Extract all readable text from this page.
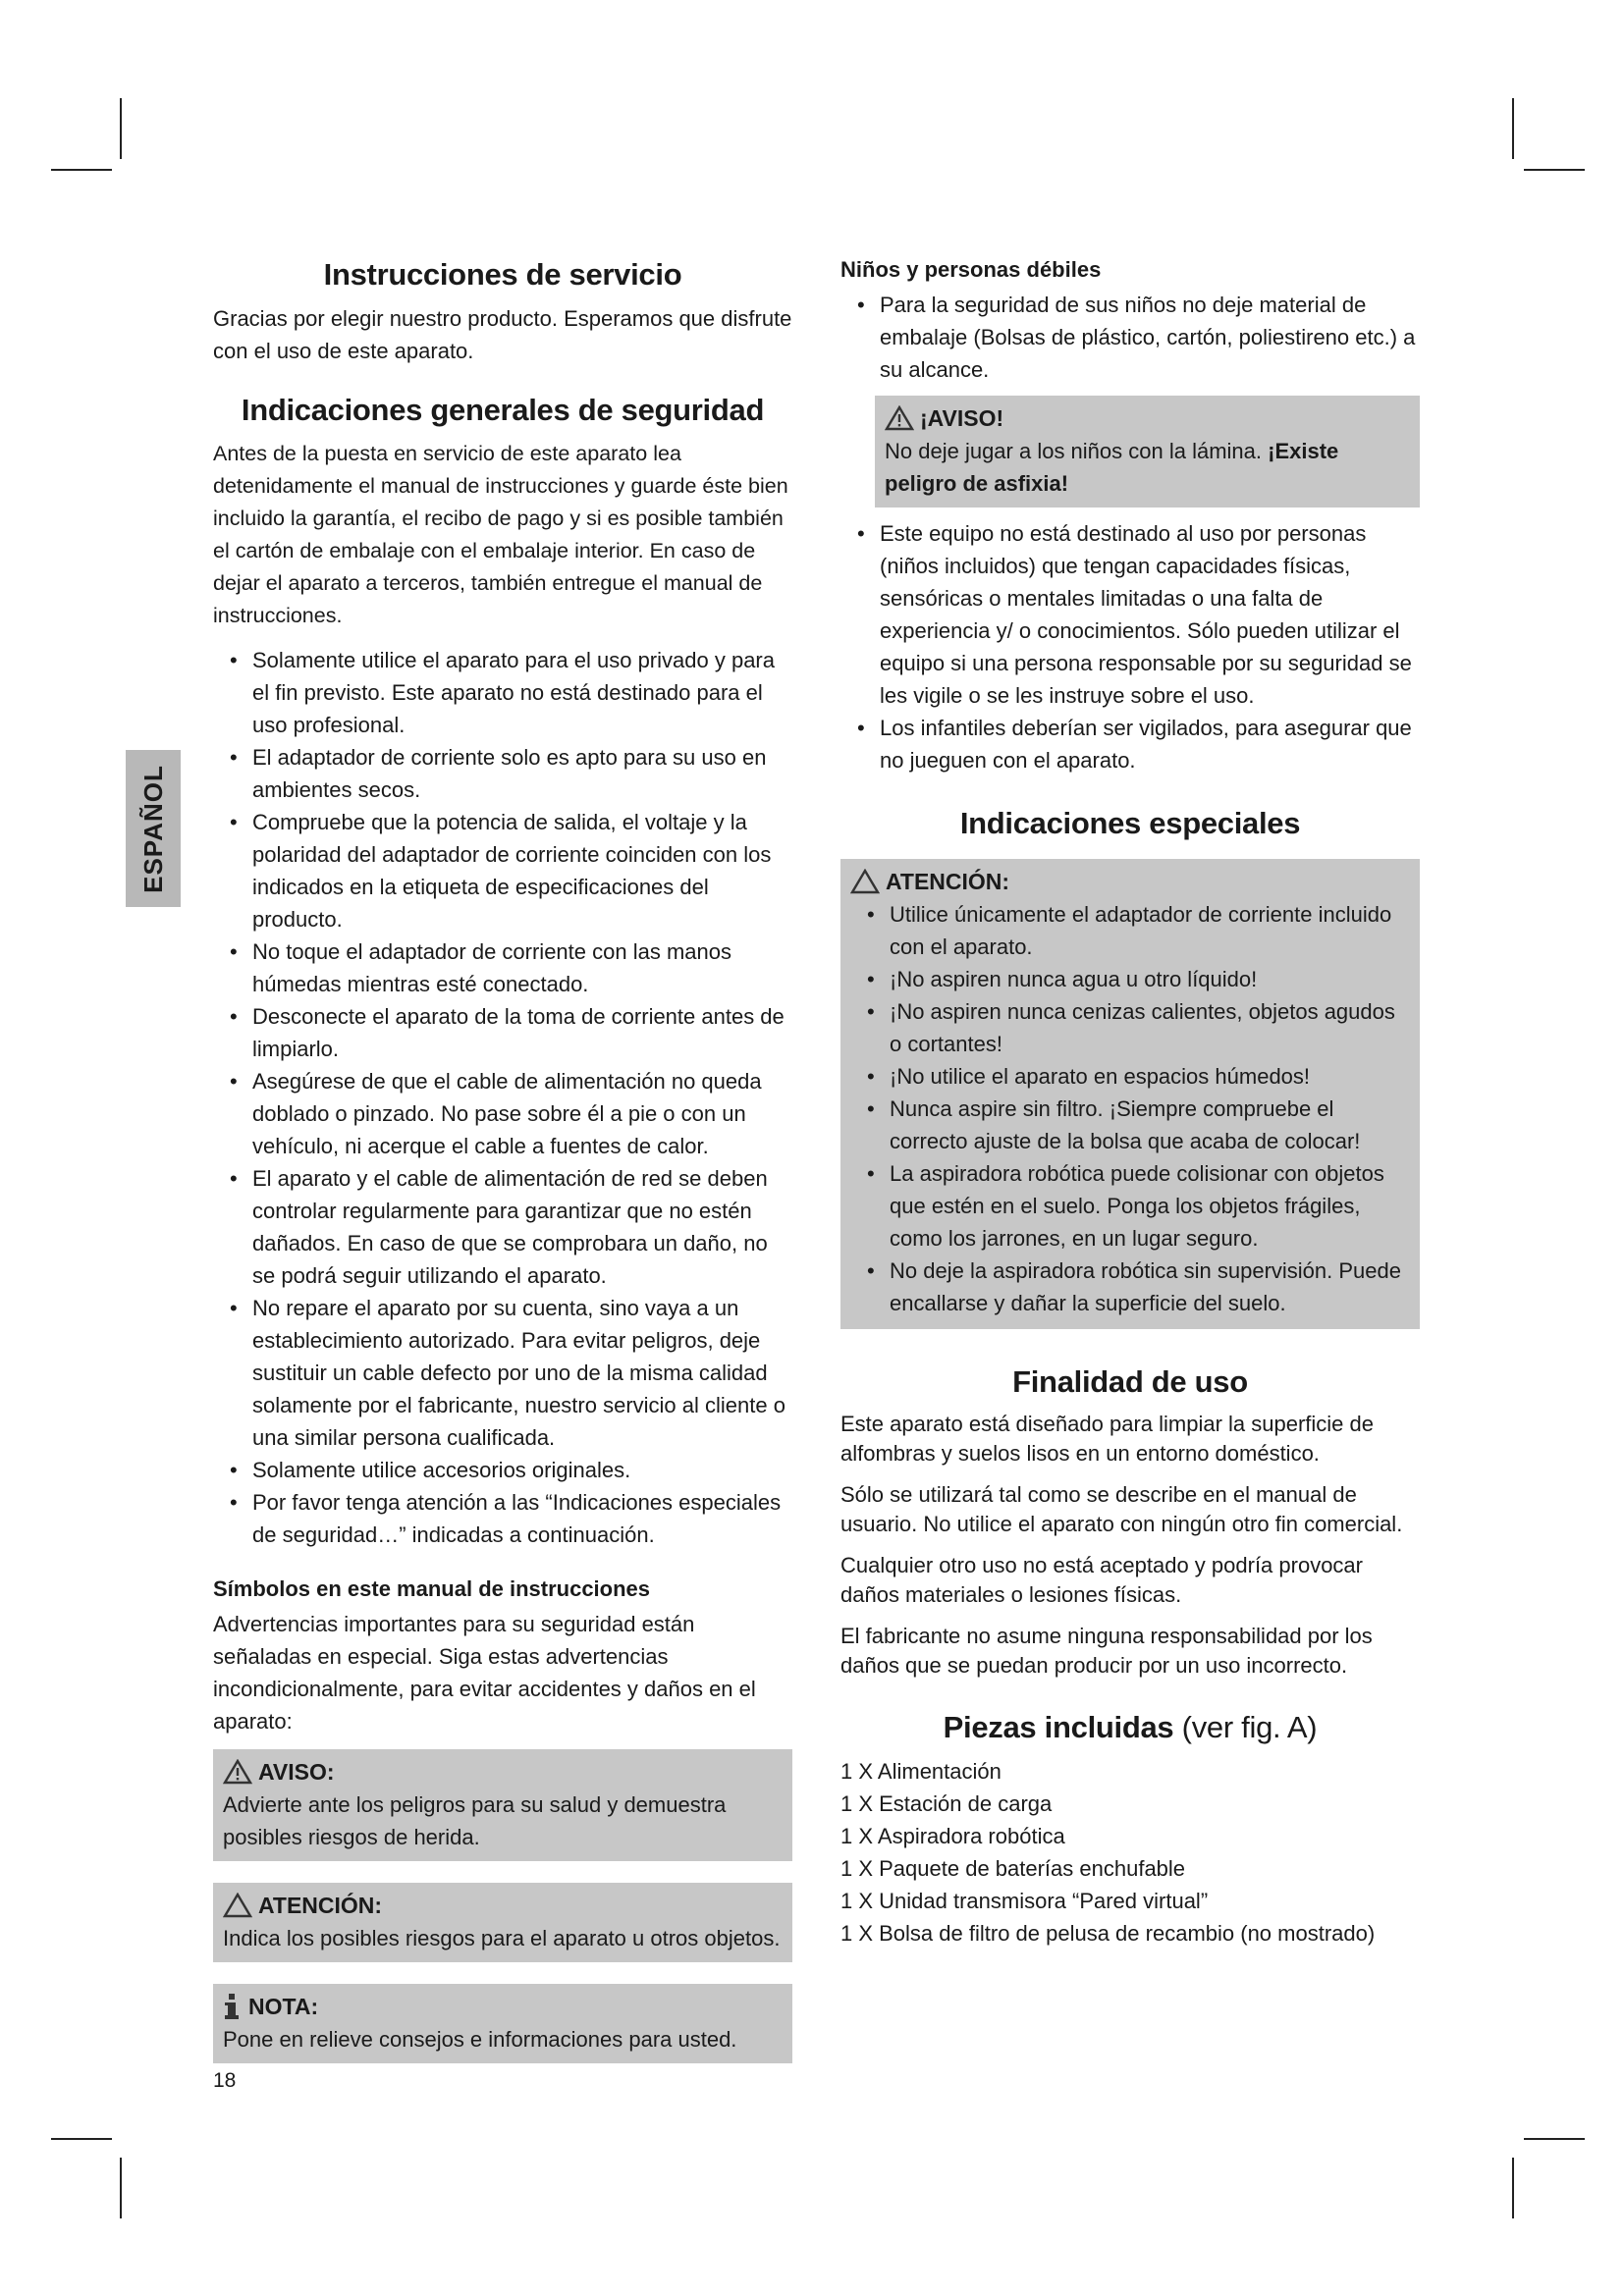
ESPAÑOL
Instrucciones de servicio

Gracias por elegir nuestro producto. Esperamos que disfrute con el uso de este aparato.

Indicaciones generales de seguridad

Antes de la puesta en servicio de este aparato lea detenidamente el manual de instrucciones y guarde éste bien incluido la garantía, el recibo de pago y si es posible también el cartón de embalaje con el embalaje interior. En caso de dejar el aparato a terceros, también entregue el manual de instrucciones.

• Solamente utilice el aparato para el uso privado y para el fin previsto. Este aparato no está destinado para el uso profesional.
• El adaptador de corriente solo es apto para su uso en ambientes secos.
• Compruebe que la potencia de salida, el voltaje y la polaridad del adaptador de corriente coinciden con los indicados en la etiqueta de especificaciones del producto.
• No toque el adaptador de corriente con las manos húmedas mientras esté conectado.
• Desconecte el aparato de la toma de corriente antes de limpiarlo.
• Asegúrese de que el cable de alimentación no queda doblado o pinzado. No pase sobre él a pie o con un vehículo, ni acerque el cable a fuentes de calor.
• El aparato y el cable de alimentación de red se deben controlar regularmente para garantizar que no estén dañados. En caso de que se comprobara un daño, no se podrá seguir utilizando el aparato.
• No repare el aparato por su cuenta, sino vaya a un establecimiento autorizado. Para evitar peligros, deje sustituir un cable defecto por uno de la misma calidad solamente por el fabricante, nuestro servicio al cliente o una similar persona cualificada.
• Solamente utilice accesorios originales.
• Por favor tenga atención a las “Indicaciones especiales de seguridad…” indicadas a continuación.
Símbolos en este manual de instrucciones

Advertencias importantes para su seguridad están señaladas en especial. Siga estas advertencias incondicionalmente, para evitar accidentes y daños en el aparato:

AVISO:
Advierte ante los peligros para su salud y demuestra posibles riesgos de herida.
ATENCIÓN:
Indica los posibles riesgos para el aparato u otros objetos.
NOTA:
Pone en relieve consejos e informaciones para usted.
Niños y personas débiles
• Para la seguridad de sus niños no deje material de embalaje (Bolsas de plástico, cartón, poliestireno etc.) a su alcance.
¡AVISO!
No deje jugar a los niños con la lámina. ¡Existe peligro de asfixia!
• Este equipo no está destinado al uso por personas (niños incluidos) que tengan capacidades físicas, sensóricas o mentales limitadas o una falta de experiencia y/ o conocimientos. Sólo pueden utilizar el equipo si una persona responsable por su seguridad se les vigile o se les instruye sobre el uso.
• Los infantiles deberían ser vigilados, para asegurar que no jueguen con el aparato.
Indicaciones especiales
ATENCIÓN:
• Utilice únicamente el adaptador de corriente incluido con el aparato.
• ¡No aspiren nunca agua u otro líquido!
• ¡No aspiren nunca cenizas calientes, objetos agudos o cortantes!
• ¡No utilice el aparato en espacios húmedos!
• Nunca aspire sin filtro. ¡Siempre compruebe el correcto ajuste de la bolsa que acaba de colocar!
• La aspiradora robótica puede colisionar con objetos que estén en el suelo. Ponga los objetos frágiles, como los jarrones, en un lugar seguro.
• No deje la aspiradora robótica sin supervisión. Puede encallarse y dañar la superficie del suelo.
Finalidad de uso

Este aparato está diseñado para limpiar la superficie de alfombras y suelos lisos en un entorno doméstico.

Sólo se utilizará tal como se describe en el manual de usuario. No utilice el aparato con ningún otro fin comercial.

Cualquier otro uso no está aceptado y podría provocar daños materiales o lesiones físicas.

El fabricante no asume ninguna responsabilidad por los daños que se puedan producir por un uso incorrecto.

Piezas incluidas (ver fig. A)
1 X Alimentación
1 X Estación de carga
1 X Aspiradora robótica
1 X Paquete de baterías enchufable
1 X Unidad transmisora “Pared virtual”
1 X Bolsa de filtro de pelusa de recambio (no mostrado)
18
